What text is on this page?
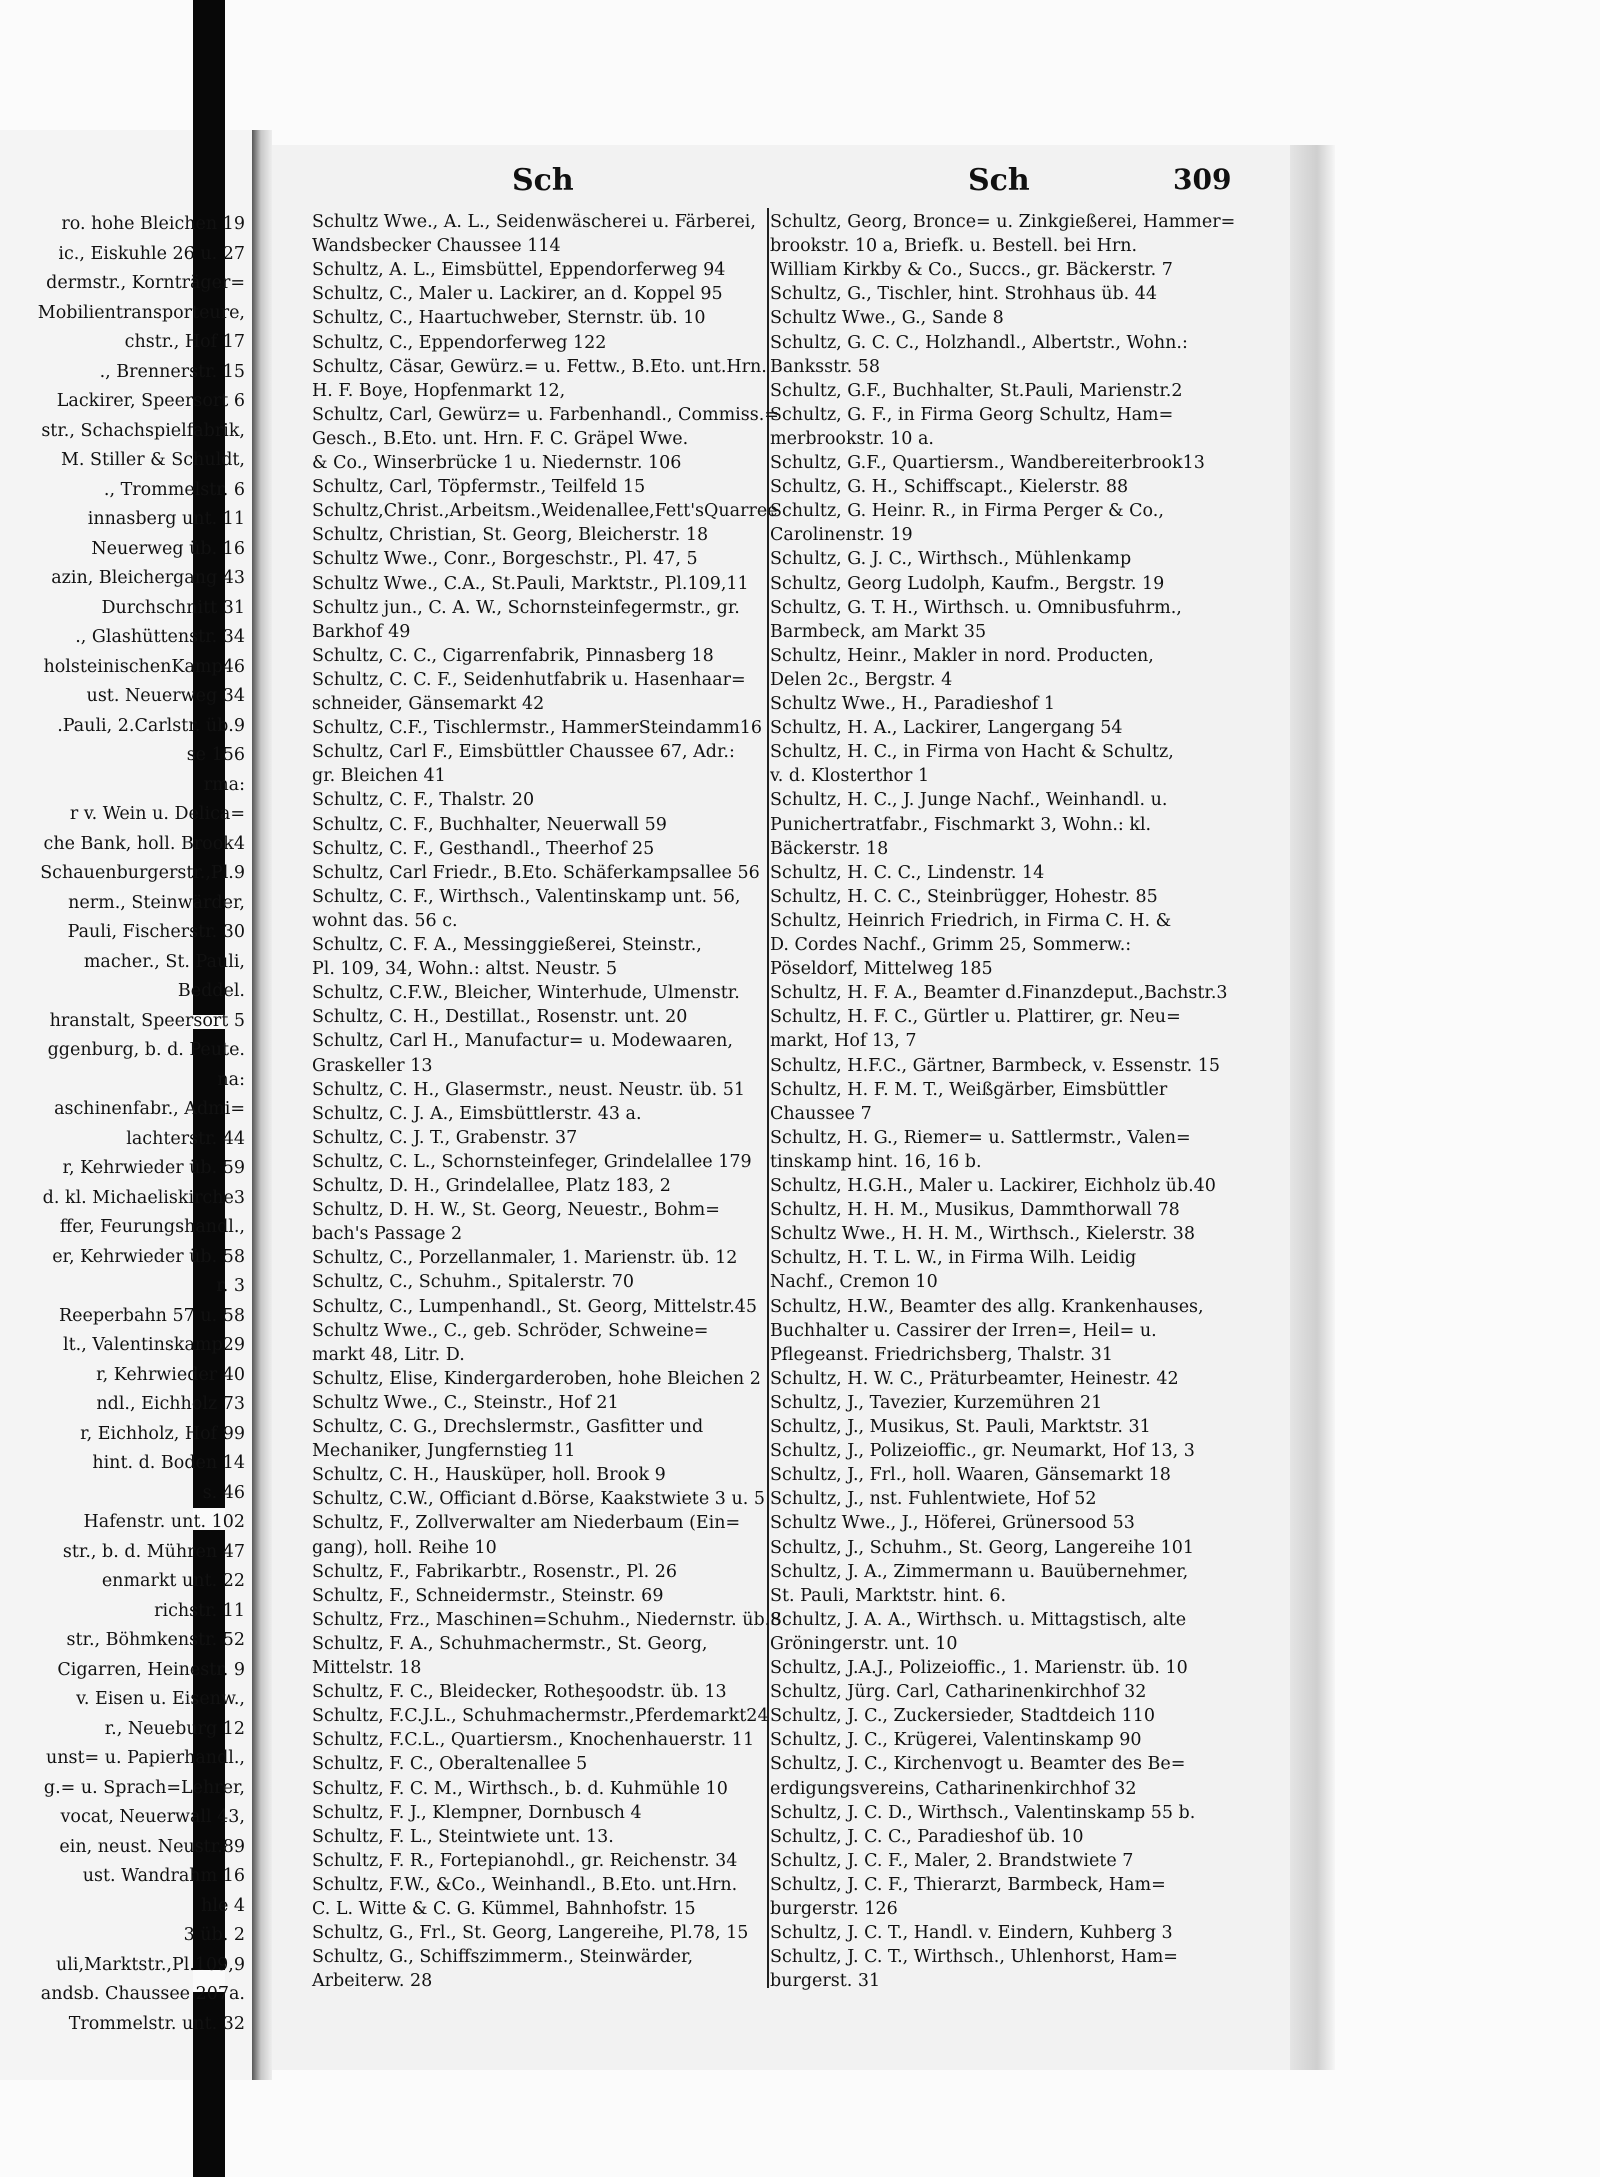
Sch	Sch	309
ro. hohe Bleichen 19
ic., Eiskuhle 26 u. 27
dermstr., Kornträger=
Mobilientransporteure,
chstr., Hof 17
., Brennerstr. 15
Lackirer, Speersort 6
str., Schachspielfabrik,
M. Stiller & Schuldt,
., Trommelstr. 6
innasberg unt. 11
Neuerweg üb. 16
azin, Bleichergang 43
Durchschnitt 31
., Glashüttenstr. 34
holsteinischenKamp46
ust. Neuerweg 34
.Pauli, 2.Carlstr. üb.9
se 156
rma:
r v. Wein u. Delica=
che Bank, holl. Brook4
Schauenburgerstr.,Pl.9
nerm., Steinwärder,
Pauli, Fischerstr. 30
macher., St. Pauli,
Beddel.
hranstalt, Speersort 5
ggenburg, b. d. Peute.
na:
aschinenfabr., Admi=
lachterstr. 44
r, Kehrwieder üb. 59
d. kl. Michaeliskirche3
ffer, Feurungshandl.,
er, Kehrwieder üb. 58
r. 3
Reeperbahn 57 u. 58
lt., Valentinskamp29
r, Kehrwieder 40
ndl., Eichholz 73
r, Eichholz, Hof 99
hint. d. Boden 14
s. 46
Hafenstr. unt. 102
str., b. d. Mühren 47
enmarkt unt. 22
richstr. 11
str., Böhmkenstr. 52
Cigarren, Heinestr. 9
v. Eisen u. Eisenw.,
r., Neueburg 12
unst= u. Papierhandl.,
g.= u. Sprach=Lehrer,
vocat, Neuerwall 43,
ein, neust. Neustr.89
ust. Wandrahm 16
hle 4
3 üb. 2
uli,Marktstr.,Pl.109,9
andsb. Chaussee 207a.
Trommelstr. unt. 32
Schultz Wwe., A. L., Seidenwäscherei u. Färberei,
Wandsbecker Chaussee 114
Schultz, A. L., Eimsbüttel, Eppendorferweg 94
Schultz, C., Maler u. Lackirer, an d. Koppel 95
Schultz, C., Haartuchweber, Sternstr. üb. 10
Schultz, C., Eppendorferweg 122
Schultz, Cäsar, Gewürz.= u. Fettw., B.Eto. unt.Hrn.
H. F. Boye, Hopfenmarkt 12,
Schultz, Carl, Gewürz= u. Farbenhandl., Commiss.=
Gesch., B.Eto. unt. Hrn. F. C. Gräpel Wwe.
& Co., Winserbrücke 1 u. Niedernstr. 106
Schultz, Carl, Töpfermstr., Teilfeld 15
Schultz,Christ.,Arbeitsm.,Weidenallee,Fett'sQuarree
Schultz, Christian, St. Georg, Bleicherstr. 18
Schultz Wwe., Conr., Borgeschstr., Pl. 47, 5
Schultz Wwe., C.A., St.Pauli, Marktstr., Pl.109,11
Schultz jun., C. A. W., Schornsteinfegermstr., gr.
Barkhof 49
Schultz, C. C., Cigarrenfabrik, Pinnasberg 18
Schultz, C. C. F., Seidenhutfabrik u. Hasenhaar=
schneider, Gänsemarkt 42
Schultz, C.F., Tischlermstr., HammerSteindamm16
Schultz, Carl F., Eimsbüttler Chaussee 67, Adr.:
gr. Bleichen 41
Schultz, C. F., Thalstr. 20
Schultz, C. F., Buchhalter, Neuerwall 59
Schultz, C. F., Gesthandl., Theerhof 25
Schultz, Carl Friedr., B.Eto. Schäferkampsallee 56
Schultz, C. F., Wirthsch., Valentinskamp unt. 56,
wohnt das. 56 c.
Schultz, C. F. A., Messinggießerei, Steinstr.,
Pl. 109, 34, Wohn.: altst. Neustr. 5
Schultz, C.F.W., Bleicher, Winterhude, Ulmenstr.
Schultz, C. H., Destillat., Rosenstr. unt. 20
Schultz, Carl H., Manufactur= u. Modewaaren,
Graskeller 13
Schultz, C. H., Glasermstr., neust. Neustr. üb. 51
Schultz, C. J. A., Eimsbüttlerstr. 43 a.
Schultz, C. J. T., Grabenstr. 37
Schultz, C. L., Schornsteinfeger, Grindelallee 179
Schultz, D. H., Grindelallee, Platz 183, 2
Schultz, D. H. W., St. Georg, Neuestr., Bohm=
bach's Passage 2
Schultz, C., Porzellanmaler, 1. Marienstr. üb. 12
Schultz, C., Schuhm., Spitalerstr. 70
Schultz, C., Lumpenhandl., St. Georg, Mittelstr.45
Schultz Wwe., C., geb. Schröder, Schweine=
markt 48, Litr. D.
Schultz, Elise, Kindergarderoben, hohe Bleichen 2
Schultz Wwe., C., Steinstr., Hof 21
Schultz, C. G., Drechslermstr., Gasfitter und
Mechaniker, Jungfernstieg 11
Schultz, C. H., Hausküper, holl. Brook 9
Schultz, C.W., Officiant d.Börse, Kaakstwiete 3 u. 5
Schultz, F., Zollverwalter am Niederbaum (Ein=
gang), holl. Reihe 10
Schultz, F., Fabrikarbtr., Rosenstr., Pl. 26
Schultz, F., Schneidermstr., Steinstr. 69
Schultz, Frz., Maschinen=Schuhm., Niedernstr. üb.8
Schultz, F. A., Schuhmachermstr., St. Georg,
Mittelstr. 18
Schultz, F. C., Bleidecker, Rotheşoodstr. üb. 13
Schultz, F.C.J.L., Schuhmachermstr.,Pferdemarkt24
Schultz, F.C.L., Quartiersm., Knochenhauerstr. 11
Schultz, F. C., Oberaltenallee 5
Schultz, F. C. M., Wirthsch., b. d. Kuhmühle 10
Schultz, F. J., Klempner, Dornbusch 4
Schultz, F. L., Steintwiete unt. 13.
Schultz, F. R., Fortepianohdl., gr. Reichenstr. 34
Schultz, F.W., &Co., Weinhandl., B.Eto. unt.Hrn.
C. L. Witte & C. G. Kümmel, Bahnhofstr. 15
Schultz, G., Frl., St. Georg, Langereihe, Pl.78, 15
Schultz, G., Schiffszimmerm., Steinwärder,
Arbeiterw. 28
Schultz, Georg, Bronce= u. Zinkgießerei, Hammer=
brookstr. 10 a, Briefk. u. Bestell. bei Hrn.
William Kirkby & Co., Succs., gr. Bäckerstr. 7
Schultz, G., Tischler, hint. Strohhaus üb. 44
Schultz Wwe., G., Sande 8
Schultz, G. C. C., Holzhandl., Albertstr., Wohn.:
Banksstr. 58
Schultz, G.F., Buchhalter, St.Pauli, Marienstr.2
Schultz, G. F., in Firma Georg Schultz, Ham=
merbrookstr. 10 a.
Schultz, G.F., Quartiersm., Wandbereiterbrook13
Schultz, G. H., Schiffscapt., Kielerstr. 88
Schultz, G. Heinr. R., in Firma Perger & Co.,
Carolinenstr. 19
Schultz, G. J. C., Wirthsch., Mühlenkamp
Schultz, Georg Ludolph, Kaufm., Bergstr. 19
Schultz, G. T. H., Wirthsch. u. Omnibusfuhrm.,
Barmbeck, am Markt 35
Schultz, Heinr., Makler in nord. Producten,
Delen 2c., Bergstr. 4
Schultz Wwe., H., Paradieshof 1
Schultz, H. A., Lackirer, Langergang 54
Schultz, H. C., in Firma von Hacht & Schultz,
v. d. Klosterthor 1
Schultz, H. C., J. Junge Nachf., Weinhandl. u.
Punichertratfabr., Fischmarkt 3, Wohn.: kl.
Bäckerstr. 18
Schultz, H. C. C., Lindenstr. 14
Schultz, H. C. C., Steinbrügger, Hohestr. 85
Schultz, Heinrich Friedrich, in Firma C. H. &
D. Cordes Nachf., Grimm 25, Sommerw.:
Pöseldorf, Mittelweg 185
Schultz, H. F. A., Beamter d.Finanzdeput.,Bachstr.3
Schultz, H. F. C., Gürtler u. Plattirer, gr. Neu=
markt, Hof 13, 7
Schultz, H.F.C., Gärtner, Barmbeck, v. Essenstr. 15
Schultz, H. F. M. T., Weißgärber, Eimsbüttler
Chaussee 7
Schultz, H. G., Riemer= u. Sattlermstr., Valen=
tinskamp hint. 16, 16 b.
Schultz, H.G.H., Maler u. Lackirer, Eichholz üb.40
Schultz, H. H. M., Musikus, Dammthorwall 78
Schultz Wwe., H. H. M., Wirthsch., Kielerstr. 38
Schultz, H. T. L. W., in Firma Wilh. Leidig
Nachf., Cremon 10
Schultz, H.W., Beamter des allg. Krankenhauses,
Buchhalter u. Cassirer der Irren=, Heil= u.
Pflegeanst. Friedrichsberg, Thalstr. 31
Schultz, H. W. C., Präturbeamter, Heinestr. 42
Schultz, J., Tavezier, Kurzemühren 21
Schultz, J., Musikus, St. Pauli, Marktstr. 31
Schultz, J., Polizeioffic., gr. Neumarkt, Hof 13, 3
Schultz, J., Frl., holl. Waaren, Gänsemarkt 18
Schultz, J., nst. Fuhlentwiete, Hof 52
Schultz Wwe., J., Höferei, Grünersood 53
Schultz, J., Schuhm., St. Georg, Langereihe 101
Schultz, J. A., Zimmermann u. Bauübernehmer,
St. Pauli, Marktstr. hint. 6.
Schultz, J. A. A., Wirthsch. u. Mittagstisch, alte
Gröningerstr. unt. 10
Schultz, J.A.J., Polizeioffic., 1. Marienstr. üb. 10
Schultz, Jürg. Carl, Catharinenkirchhof 32
Schultz, J. C., Zuckersieder, Stadtdeich 110
Schultz, J. C., Krügerei, Valentinskamp 90
Schultz, J. C., Kirchenvogt u. Beamter des Be=
erdigungsvereins, Catharinenkirchhof 32
Schultz, J. C. D., Wirthsch., Valentinskamp 55 b.
Schultz, J. C. C., Paradieshof üb. 10
Schultz, J. C. F., Maler, 2. Brandstwiete 7
Schultz, J. C. F., Thierarzt, Barmbeck, Ham=
burgerstr. 126
Schultz, J. C. T., Handl. v. Eindern, Kuhberg 3
Schultz, J. C. T., Wirthsch., Uhlenhorst, Ham=
burgerst. 31
